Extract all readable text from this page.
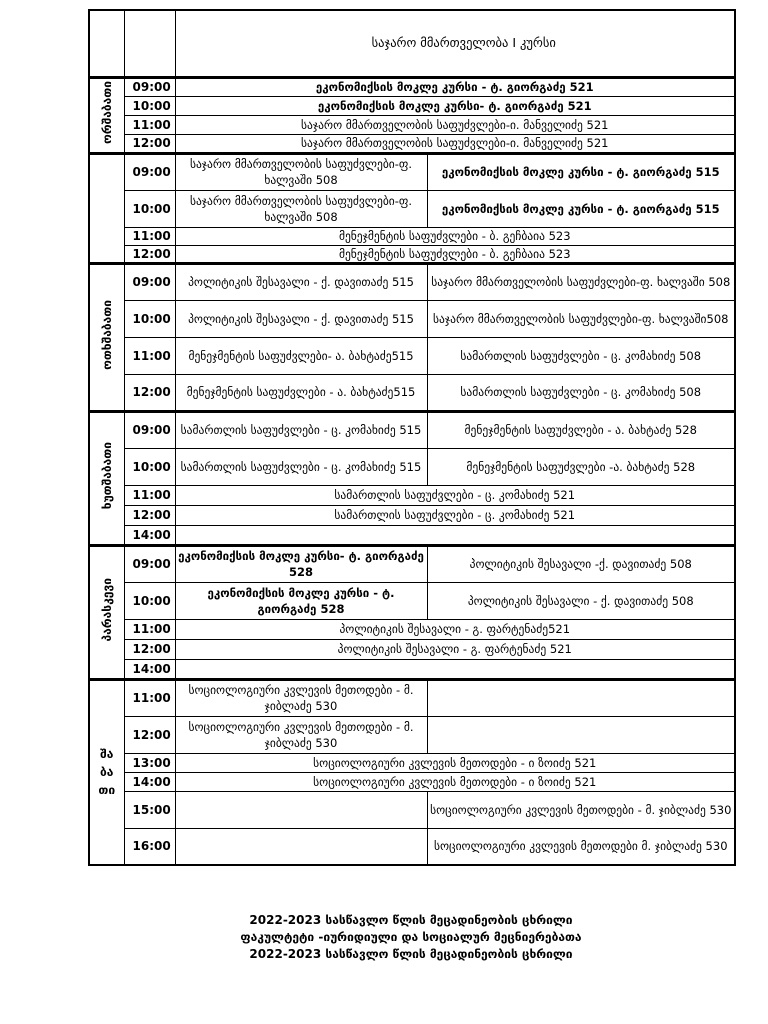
		საჯარო მმართველობა I კურსი	
ორშაბათი	09:00	ეკონომიქსის მოკლე კურსი - ტ. გიორგაძე 521	
	10:00	ეკონომიქსის მოკლე კურსი- ტ. გიორგაძე 521	
	11:00	საჯარო მმართველობის საფუძვლები-ი. მანველიძე 521	
	12:00	საჯარო მმართველობის საფუძვლები-ი. მანველიძე 521	
	09:00	საჯარო მმართველობის საფუძვლები-ფ. ხალვაში 508	ეკონომიქსის მოკლე კურსი - ტ. გიორგაძე 515
	10:00	საჯარო მმართველობის საფუძვლები-ფ. ხალვაში 508	ეკონომიქსის მოკლე კურსი - ტ. გიორგაძე 515
	11:00	მენეჯმენტის საფუძვლები - ბ. გეჩბაია 523	
	12:00	მენეჯმენტის საფუძვლები - ბ. გეჩბაია 523	
ოთხშაბათი	09:00	პოლიტიკის შესავალი - ქ. დავითაძე 515	საჯარო მმართველობის საფუძვლები-ფ. ხალვაში 508
	10:00	პოლიტიკის შესავალი - ქ. დავითაძე 515	საჯარო მმართველობის საფუძვლები-ფ. ხალვაში508
	11:00	მენეჯმენტის საფუძვლები- ა. ბახტაძე515	სამართლის საფუძვლები - ც. კომახიძე 508
	12:00	მენეჯმენტის საფუძვლები - ა. ბახტაძე515	სამართლის საფუძვლები - ც. კომახიძე 508
ხუთშაბათი	09:00	სამართლის საფუძვლები - ც. კომახიძე 515	მენეჯმენტის საფუძვლები - ა. ბახტაძე 528
	10:00	სამართლის საფუძვლები - ც. კომახიძე 515	მენეჯმენტის საფუძვლები -ა. ბახტაძე 528
	11:00	სამართლის საფუძვლები - ც. კომახიძე 521	
	12:00	სამართლის საფუძვლები - ც. კომახიძე 521	
	14:00		
პარასკევი	09:00	ეკონომიქსის მოკლე კურსი- ტ. გიორგაძე 528	პოლიტიკის შესავალი -ქ. დავითაძე 508
	10:00	ეკონომიქსის მოკლე კურსი - ტ. გიორგაძე 528	პოლიტიკის შესავალი - ქ. დავითაძე 508
	11:00	პოლიტიკის შესავალი - გ. ფარტენაძე521	
	12:00	პოლიტიკის შესავალი - გ. ფარტენაძე 521	
	14:00		
შა
ბა
თი	11:00	სოციოლოგიური კვლევის მეთოდები - მ. ჯიბლაძე 530	
	12:00	სოციოლოგიური კვლევის მეთოდები - მ. ჯიბლაძე 530	
	13:00	სოციოლოგიური კვლევის მეთოდები - ი ზოიძე 521	
	14:00	სოციოლოგიური კვლევის მეთოდები - ი ზოიძე 521	
	15:00		სოციოლოგიური კვლევის მეთოდები - მ. ჯიბლაძე 530
	16:00		სოციოლოგიური კვლევის მეთოდები მ. ჯიბლაძე 530
2022-2023 სასწავლო წლის მეცადინეობის ცხრილი
ფაკულტეტი -იურიდიული და სოციალურ მეცნიერებათა
2022-2023 სასწავლო წლის მეცადინეობის ცხრილი
